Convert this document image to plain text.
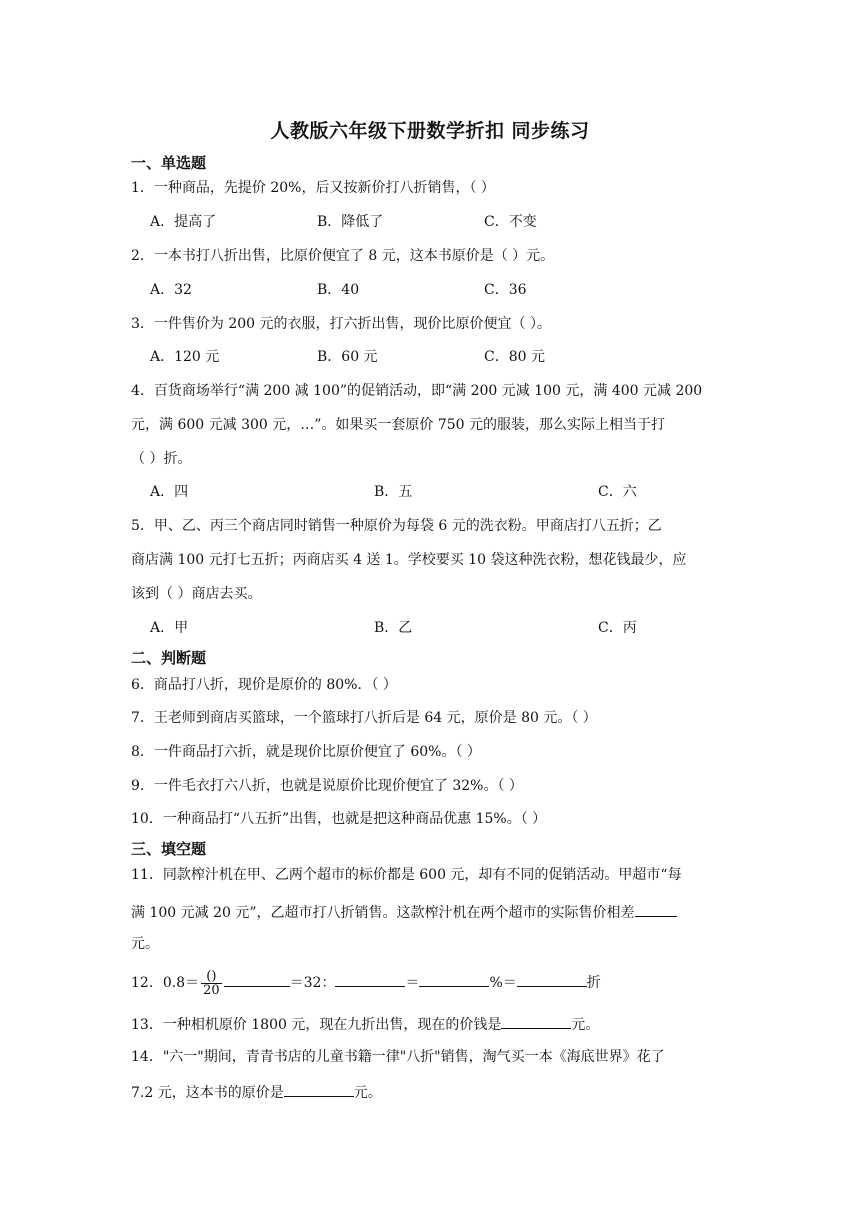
人教版六年级下册数学折扣 同步练习
一、单选题
1．一种商品，先提价 20%，后又按新价打八折销售，（ ）
A．提高了	B．降低了	C．不变
2．一本书打八折出售，比原价便宜了 8 元，这本书原价是（ ）元。
A．32	B．40	C．36
3．一件售价为 200 元的衣服，打六折出售，现价比原价便宜（ ）。
A．120 元	B．60 元	C．80 元
4．百货商场举行“满 200 减 100”的促销活动，即“满 200 元减 100 元，满 400 元减 200
元，满 600 元减 300 元，…”。如果买一套原价 750 元的服装，那么实际上相当于打
（ ）折。
A．四	B．五	C．六
5．甲、乙、丙三个商店同时销售一种原价为每袋 6 元的洗衣粉。甲商店打八五折；乙
商店满 100 元打七五折；丙商店买 4 送 1。学校要买 10 袋这种洗衣粉，想花钱最少，应
该到（ ）商店去买。
A．甲	B．乙	C．丙
二、判断题
6．商品打八折，现价是原价的 80%．（ ）
7．王老师到商店买篮球，一个篮球打八折后是 64 元，原价是 80 元。（ ）
8．一件商品打六折，就是现价比原价便宜了 60%。（ ）
9．一件毛衣打六八折，也就是说原价比现价便宜了 32%。（ ）
10．一种商品打“八五折”出售，也就是把这种商品优惠 15%。（ ）
三、填空题
11．同款榨汁机在甲、乙两个超市的标价都是 600 元，却有不同的促销活动。甲超市“每
满 100 元减 20 元”，乙超市打八折销售。这款榨汁机在两个超市的实际售价相差
元。
12．$0.8= \frac{()}{20}$	＝32：	＝	%＝	折
13．一种相机原价 1800 元，现在九折出售，现在的价钱是	元。
14．"六一"期间，青青书店的儿童书籍一律"八折"销售，淘气买一本《海底世界》花了
7.2 元，这本书的原价是	元。
